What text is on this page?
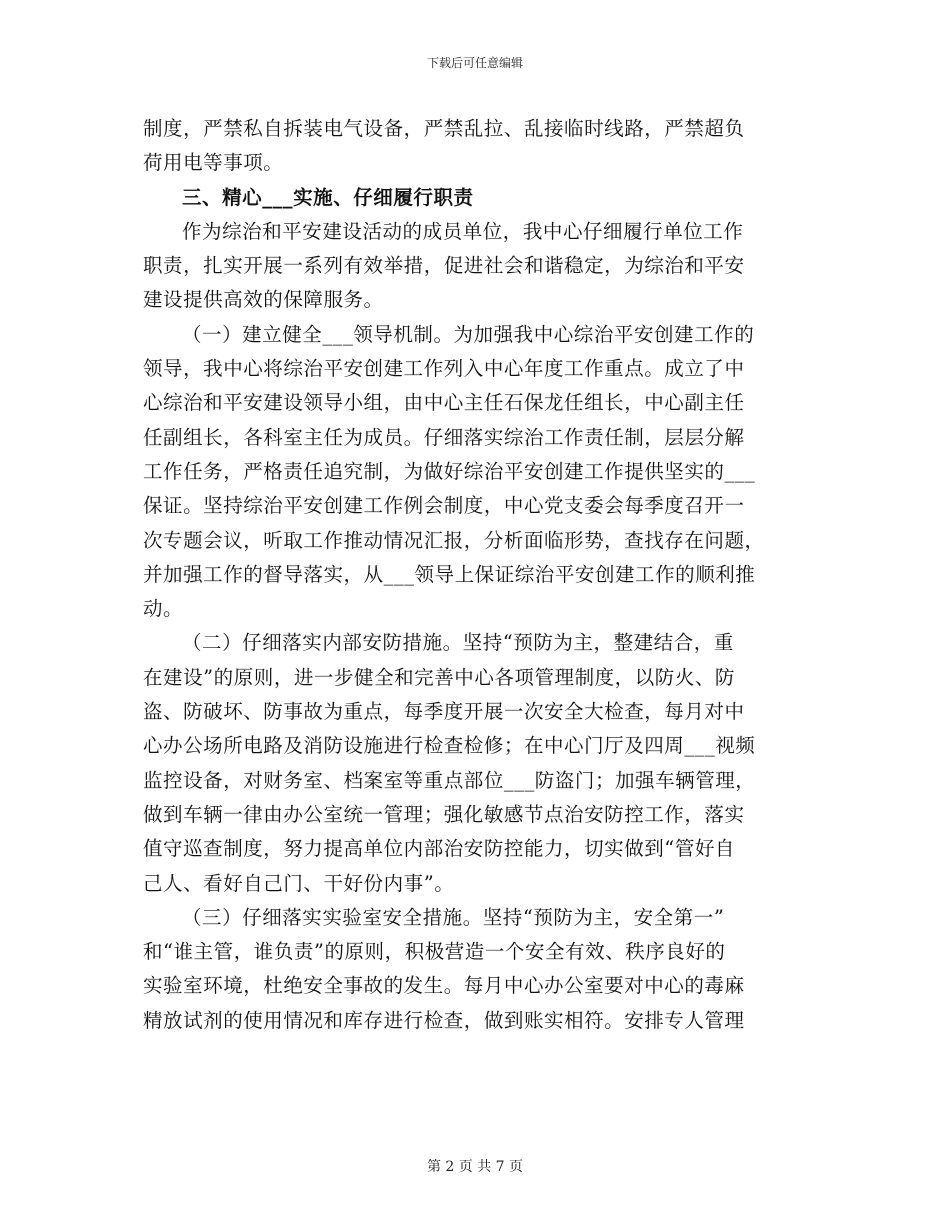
下载后可任意编辑
制度，严禁私自拆装电气设备，严禁乱拉、乱接临时线路，严禁超负
荷用电等事项。
三、精心___实施、仔细履行职责
作为综治和平安建设活动的成员单位，我中心仔细履行单位工作
职责，扎实开展一系列有效举措，促进社会和谐稳定，为综治和平安
建设提供高效的保障服务。
（一）建立健全___领导机制。为加强我中心综治平安创建工作的
领导，我中心将综治平安创建工作列入中心年度工作重点。成立了中
心综治和平安建设领导小组，由中心主任石保龙任组长，中心副主任
任副组长，各科室主任为成员。仔细落实综治工作责任制，层层分解
工作任务，严格责任追究制，为做好综治平安创建工作提供坚实的___
保证。坚持综治平安创建工作例会制度，中心党支委会每季度召开一
次专题会议，听取工作推动情况汇报，分析面临形势，查找存在问题，
并加强工作的督导落实，从___领导上保证综治平安创建工作的顺利推
动。
（二）仔细落实内部安防措施。坚持“预防为主，整建结合，重
在建设”的原则，进一步健全和完善中心各项管理制度，以防火、防
盗、防破坏、防事故为重点，每季度开展一次安全大检查，每月对中
心办公场所电路及消防设施进行检查检修；在中心门厅及四周___视频
监控设备，对财务室、档案室等重点部位___防盗门；加强车辆管理，
做到车辆一律由办公室统一管理；强化敏感节点治安防控工作，落实
值守巡查制度，努力提高单位内部治安防控能力，切实做到“管好自
己人、看好自己门、干好份内事”。
（三）仔细落实实验室安全措施。坚持“预防为主，安全第一”
和“谁主管，谁负责”的原则，积极营造一个安全有效、秩序良好的
实验室环境，杜绝安全事故的发生。每月中心办公室要对中心的毒麻
精放试剂的使用情况和库存进行检查，做到账实相符。安排专人管理
第 2 页 共 7 页
